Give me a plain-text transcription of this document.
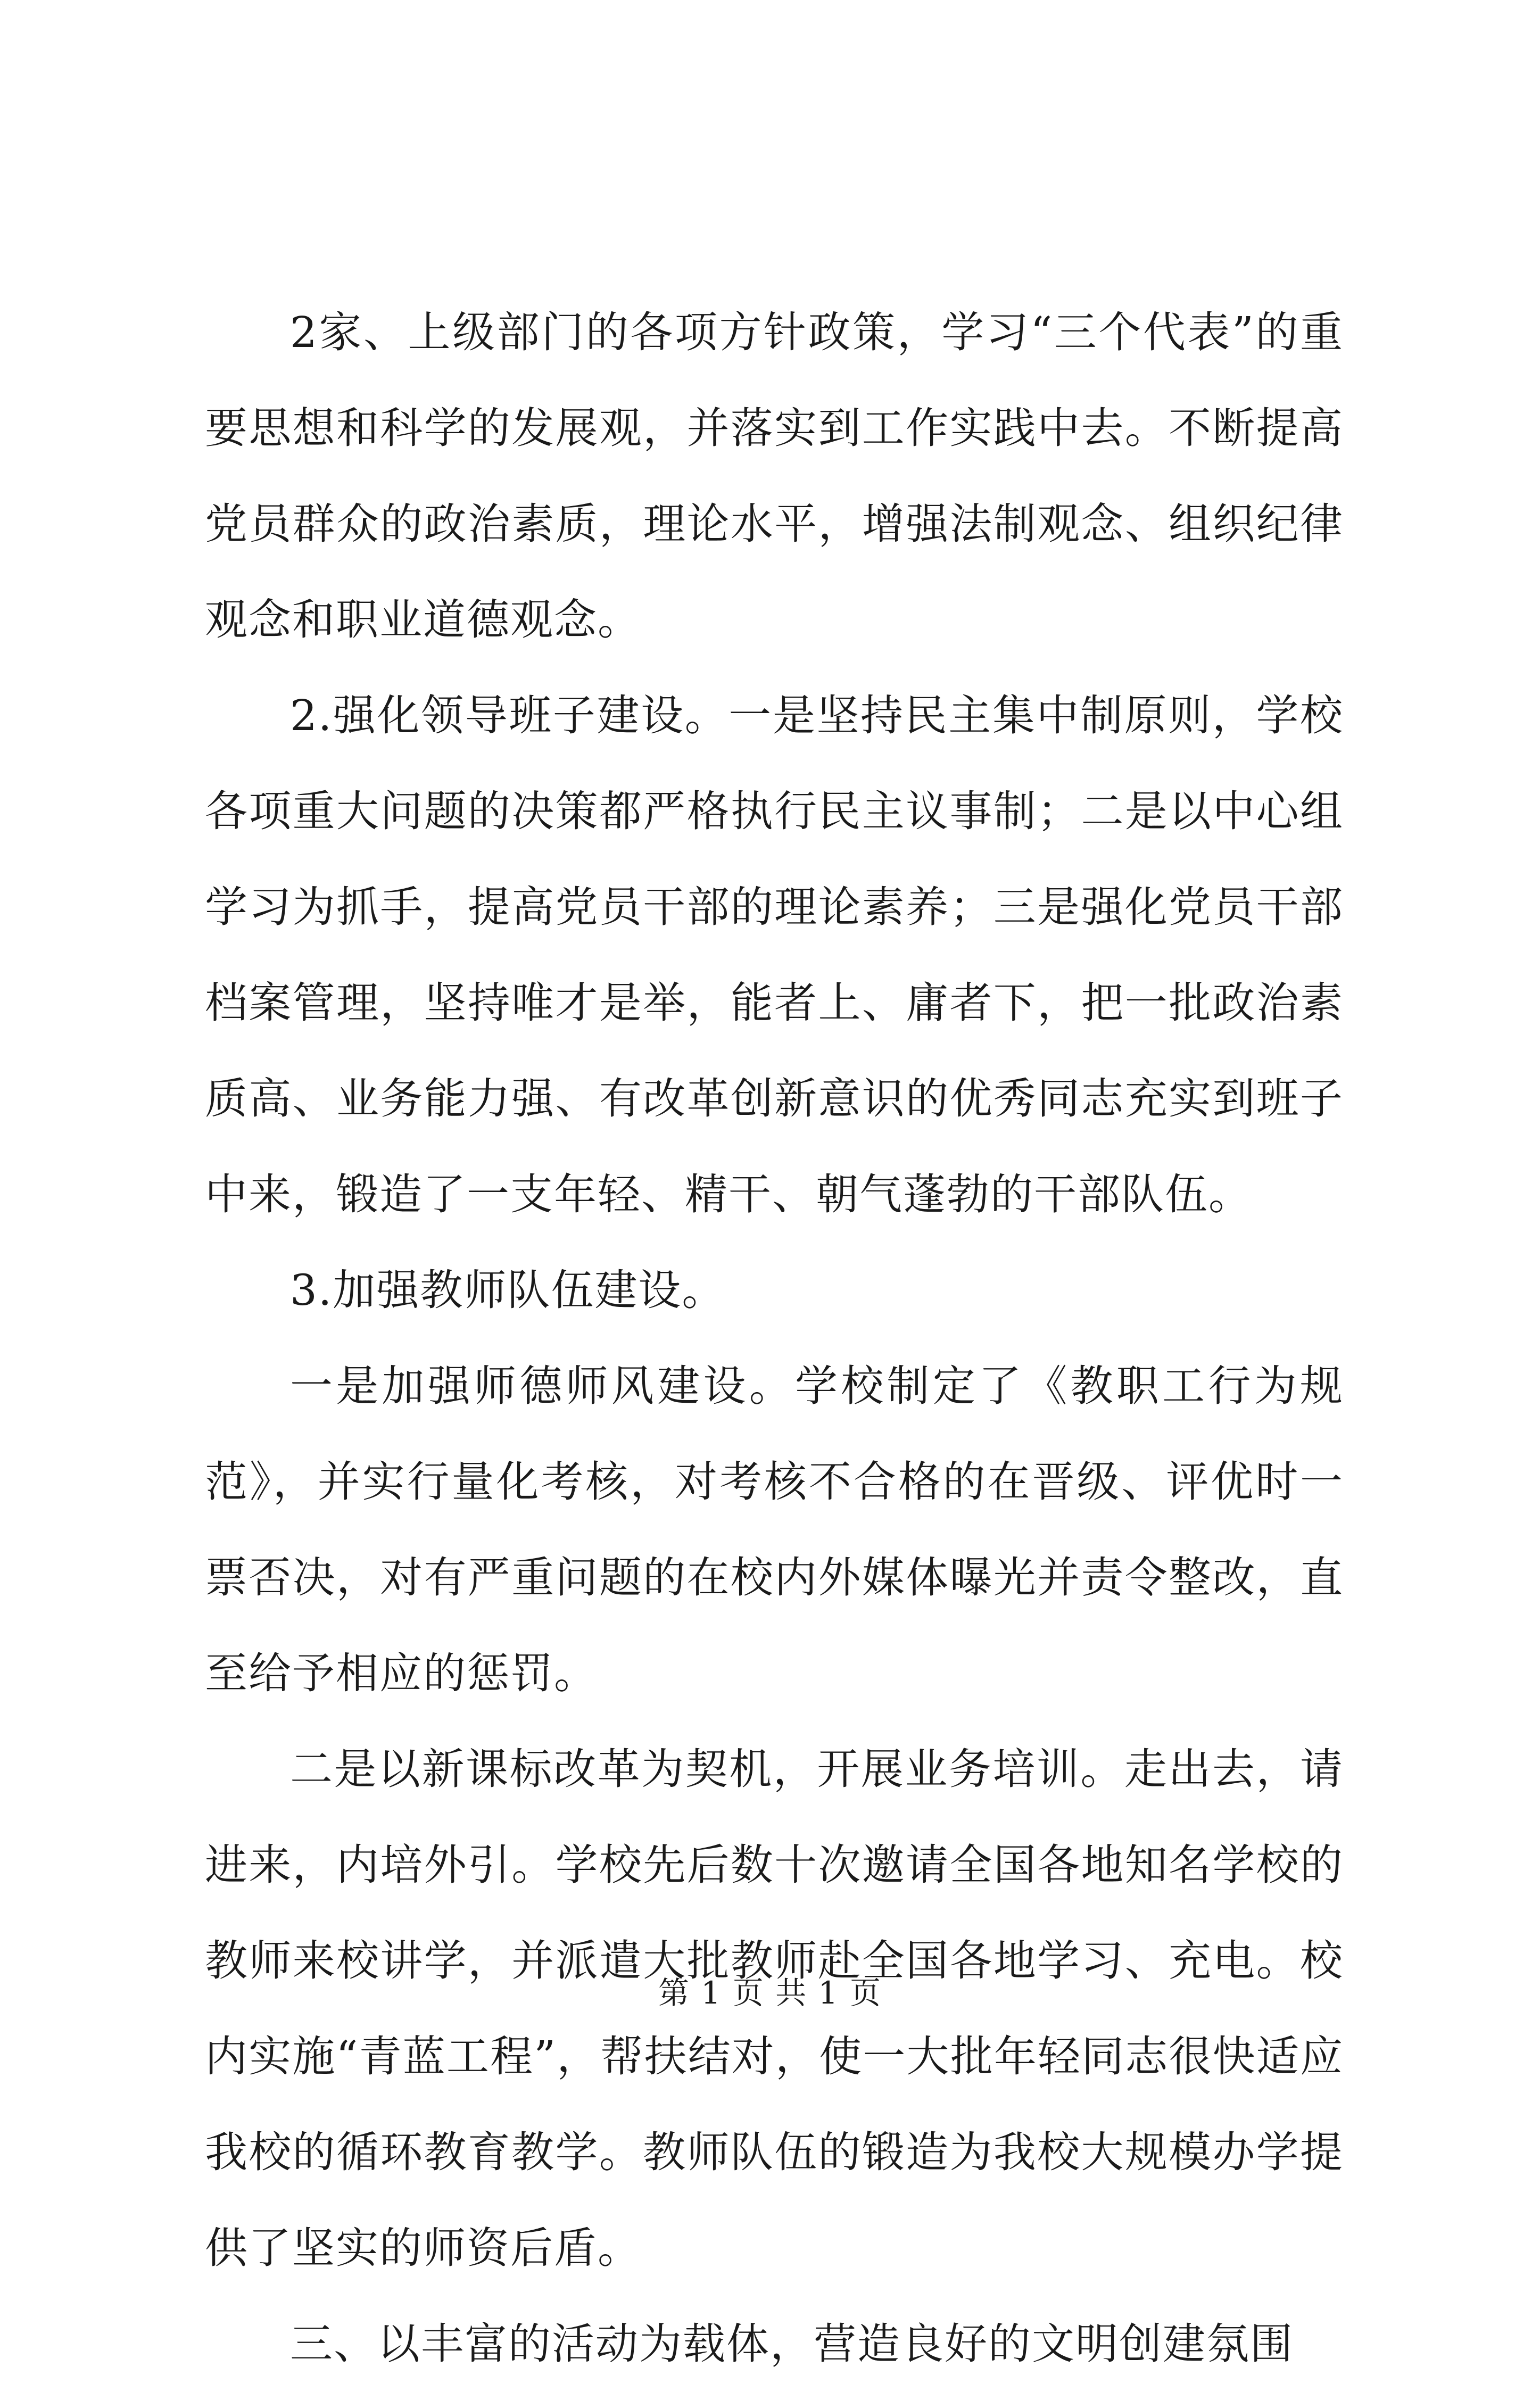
2家、上级部门的各项方针政策，学习“三个代表”的重要思想和科学的发展观，并落实到工作实践中去。不断提高党员群众的政治素质，理论水平，增强法制观念、组织纪律观念和职业道德观念。

2.强化领导班子建设。一是坚持民主集中制原则，学校各项重大问题的决策都严格执行民主议事制；二是以中心组学习为抓手，提高党员干部的理论素养；三是强化党员干部档案管理，坚持唯才是举，能者上、庸者下，把一批政治素质高、业务能力强、有改革创新意识的优秀同志充实到班子中来，锻造了一支年轻、精干、朝气蓬勃的干部队伍。

3.加强教师队伍建设。

一是加强师德师风建设。学校制定了《教职工行为规范》，并实行量化考核，对考核不合格的在晋级、评优时一票否决，对有严重问题的在校内外媒体曝光并责令整改，直至给予相应的惩罚。

二是以新课标改革为契机，开展业务培训。走出去，请进来，内培外引。学校先后数十次邀请全国各地知名学校的教师来校讲学，并派遣大批教师赴全国各地学习、充电。校内实施“青蓝工程”，帮扶结对，使一大批年轻同志很快适应我校的循环教育教学。教师队伍的锻造为我校大规模办学提供了坚实的师资后盾。

三、以丰富的活动为载体，营造良好的文明创建氛围

第 1 页 共 1 页
